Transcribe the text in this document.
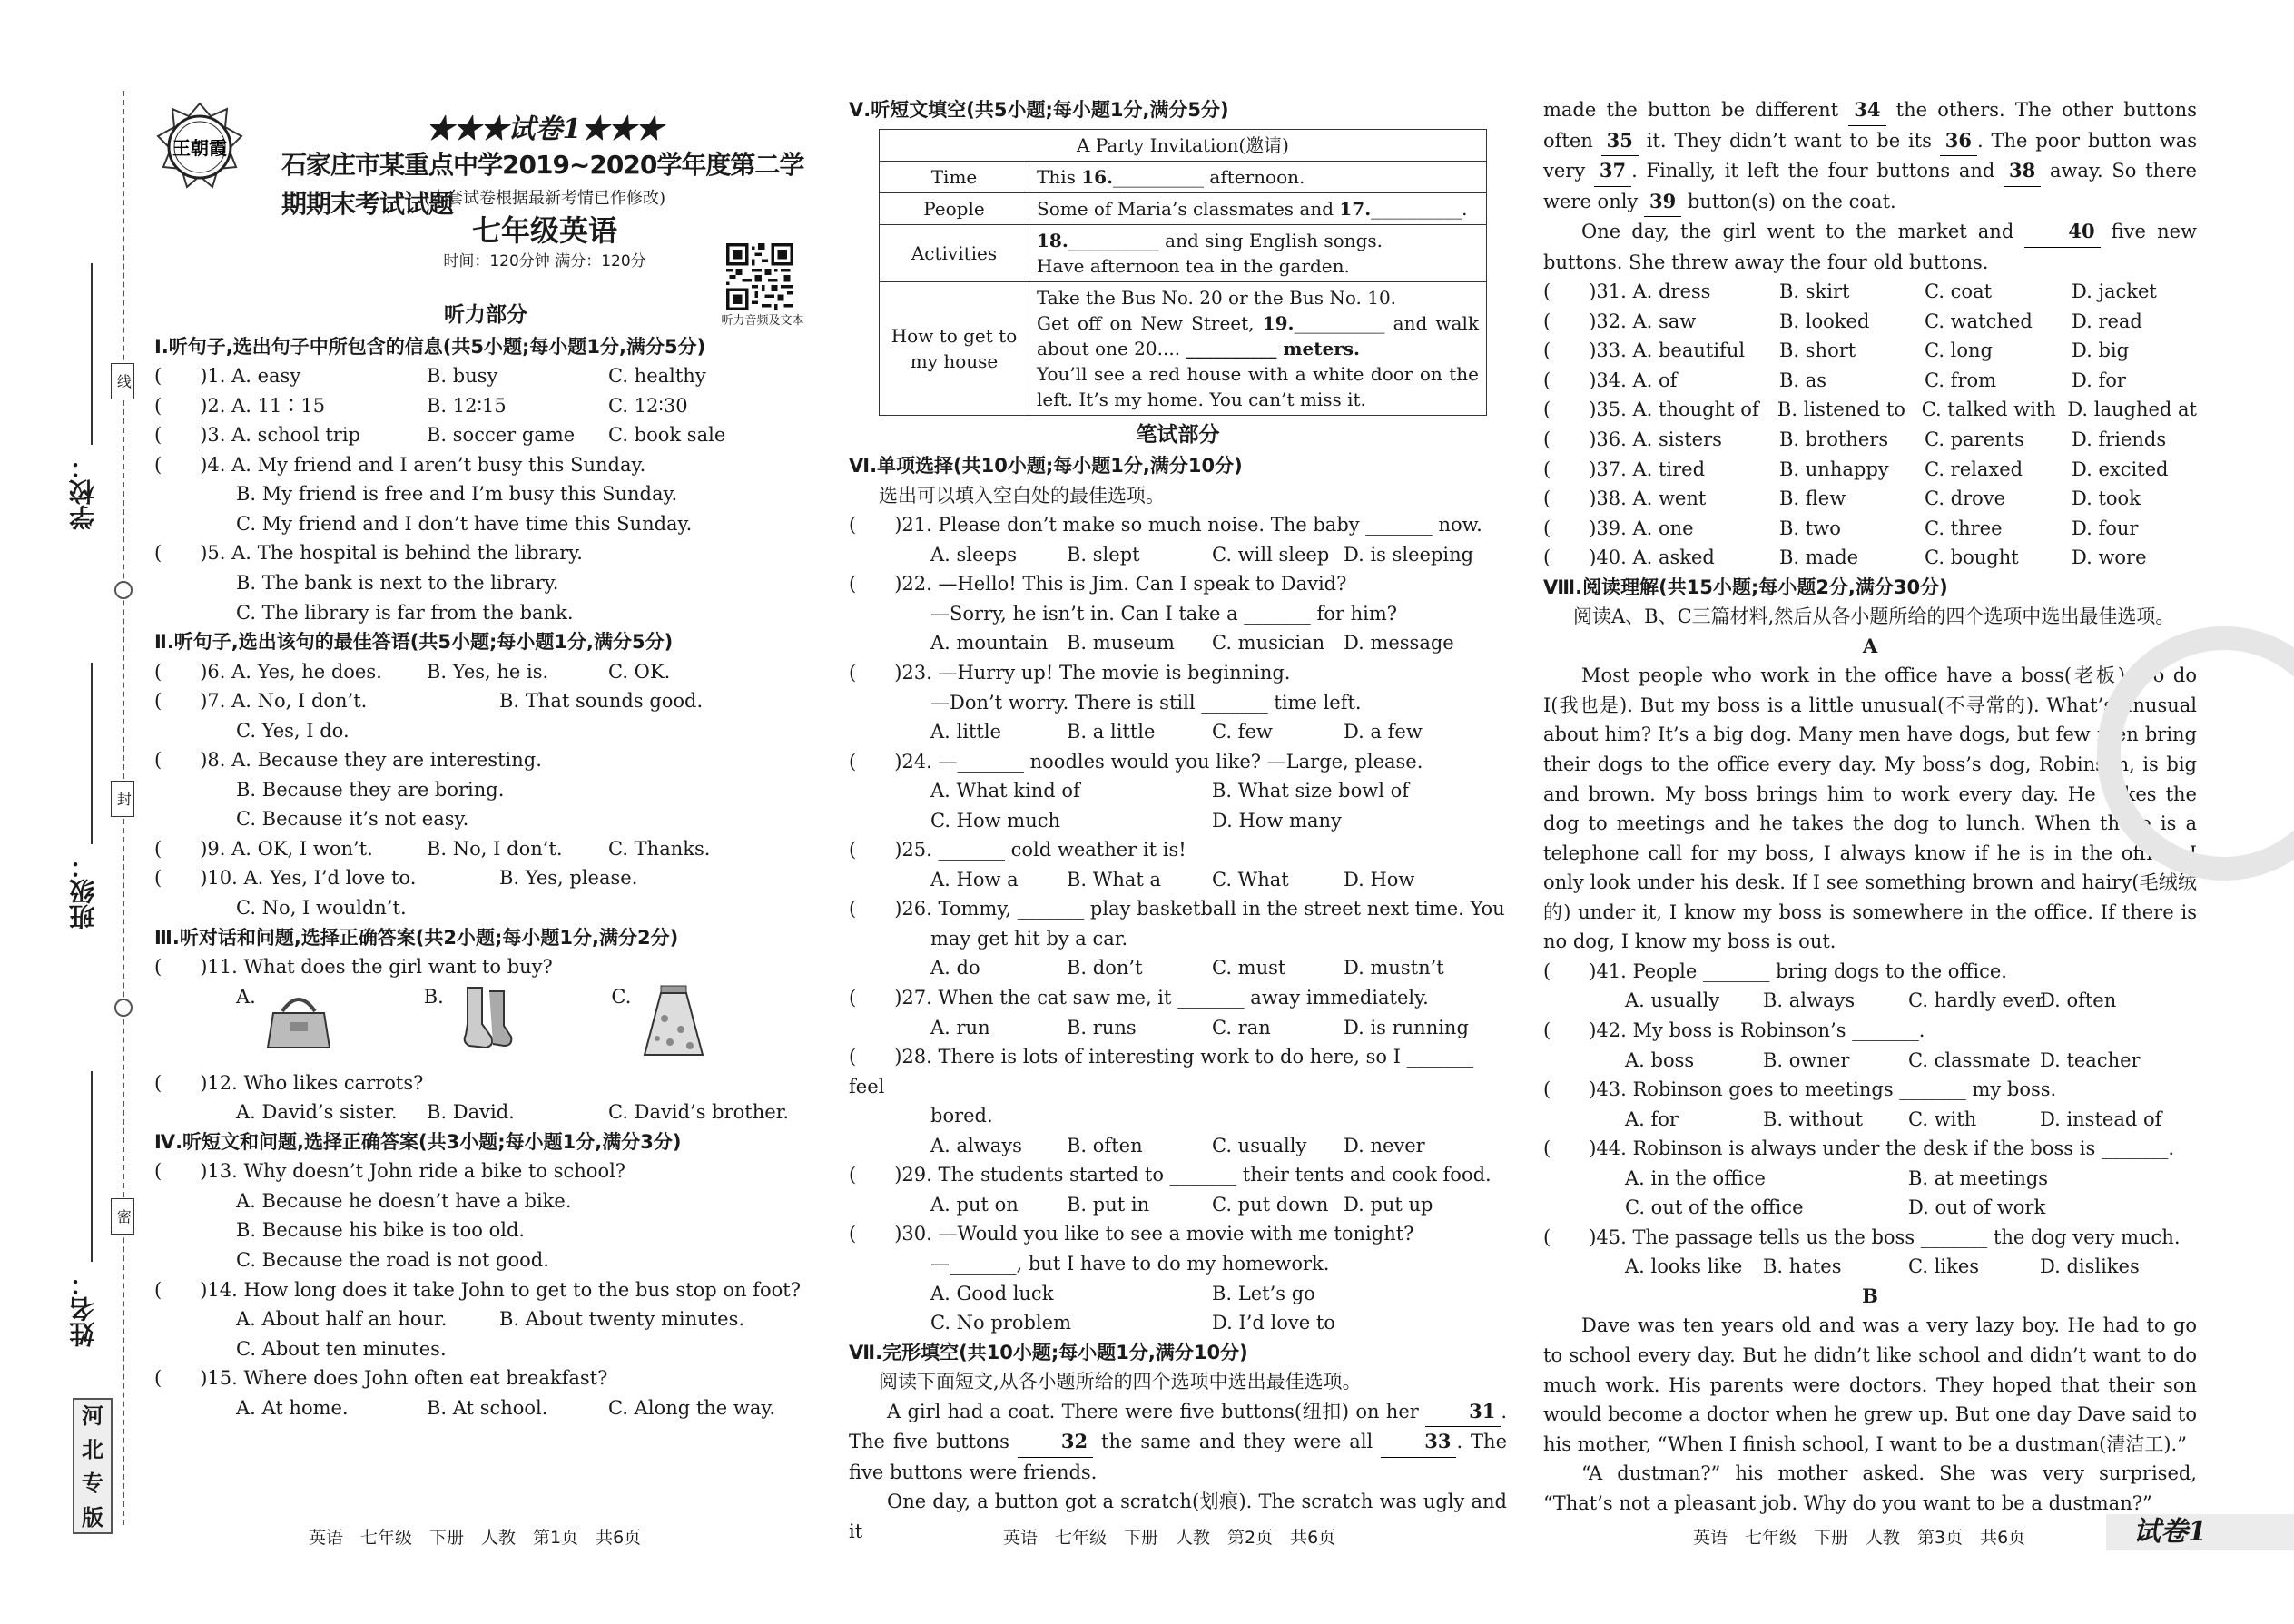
学校：
班级：
姓名：
线
封
密
河
北
专
版
王朝霞
★★★试卷1★★★
石家庄市某重点中学2019~2020学年度第二学期期末考试试题
(本套试卷根据最新考情已作修改)
七年级英语
时间：120分钟 满分：120分
听力音频及文本
听力部分
Ⅰ.听句子,选出句子中所包含的信息(共5小题;每小题1分,满分5分)
(　　)1. A. easy	B. busy	C. healthy
(　　)2. A. 11∶15	B. 12∶15	C. 12∶30
(　　)3. A. school trip	B. soccer game	C. book sale
(　　)4. A. My friend and I aren’t busy this Sunday.
B. My friend is free and I’m busy this Sunday.
C. My friend and I don’t have time this Sunday.
(　　)5. A. The hospital is behind the library.
B. The bank is next to the library.
C. The library is far from the bank.
Ⅱ.听句子,选出该句的最佳答语(共5小题;每小题1分,满分5分)
(　　)6. A. Yes, he does.	B. Yes, he is.	C. OK.
(　　)7. A. No, I don’t.	B. That sounds good.
C. Yes, I do.
(　　)8. A. Because they are interesting.
B. Because they are boring.
C. Because it’s not easy.
(　　)9. A. OK, I won’t.	B. No, I don’t.	C. Thanks.
(　　)10. A. Yes, I’d love to.	B. Yes, please.
C. No, I wouldn’t.
Ⅲ.听对话和问题,选择正确答案(共2小题;每小题1分,满分2分)
(　　)11. What does the girl want to buy?
A.	B.	C.
(　　)12. Who likes carrots?
A. David’s sister.	B. David.	C. David’s brother.
Ⅳ.听短文和问题,选择正确答案(共3小题;每小题1分,满分3分)
(　　)13. Why doesn’t John ride a bike to school?
A. Because he doesn’t have a bike.
B. Because his bike is too old.
C. Because the road is not good.
(　　)14. How long does it take John to get to the bus stop on foot?
A. About half an hour.	B. About twenty minutes.
C. About ten minutes.
(　　)15. Where does John often eat breakfast?
A. At home.	B. At school.	C. Along the way.
Ⅴ.听短文填空(共5小题;每小题1分,满分5分)
A Party Invitation(邀请)	
Time	This 16.__________ afternoon.
People	Some of Maria’s classmates and 17.__________.
Activities	18.__________ and sing English songs.
Have afternoon tea in the garden.
How to get to my house	Take the Bus No. 20 or the Bus No. 10.
Get off on New Street, 19.__________ and walk about one 20.... __________ meters.
You’ll see a red house with a white door on the left. It’s my home. You can’t miss it.
笔试部分
Ⅵ.单项选择(共10小题;每小题1分,满分10分)
选出可以填入空白处的最佳选项。
(　　)21. Please don’t make so much noise. The baby _______ now.
A. sleeps	B. slept	C. will sleep D. is sleeping
(　　)22. —Hello! This is Jim. Can I speak to David?
—Sorry, he isn’t in. Can I take a _______ for him?
A. mountain B. museum	C. musician D. message
(　　)23. —Hurry up! The movie is beginning.
—Don’t worry. There is still _______ time left.
A. little	B. a little	C. few	D. a few
(　　)24. —_______ noodles would you like? —Large, please.
A. What kind of	B. What size bowl of
C. How much	D. How many
(　　)25. _______ cold weather it is!
A. How a	B. What a	C. What	D. How
(　　)26. Tommy, _______ play basketball in the street next time. You
may get hit by a car.
A. do	B. don’t	C. must	D. mustn’t
(　　)27. When the cat saw me, it _______ away immediately.
A. run	B. runs	C. ran	D. is running
(　　)28. There is lots of interesting work to do here, so I _______ feel
bored.
A. always	B. often	C. usually	D. never
(　　)29. The students started to _______ their tents and cook food.
A. put on	B. put in	C. put down D. put up
(　　)30. —Would you like to see a movie with me tonight?
—_______, but I have to do my homework.
A. Good luck	B. Let’s go
C. No problem	D. I’d love to
Ⅶ.完形填空(共10小题;每小题1分,满分10分)
阅读下面短文,从各小题所给的四个选项中选出最佳选项。

A girl had a coat. There were five buttons(纽扣) on her 31 . The five buttons 32 the same and they were all 33 . The five buttons were friends.

One day, a button got a scratch(划痕). The scratch was ugly and it

made the button be different 34 the others. The other buttons often 35 it. They didn’t want to be its 36 . The poor button was very 37 . Finally, it left the four buttons and 38 away. So there were only 39 button(s) on the coat.

One day, the girl went to the market and 40 five new buttons. She threw away the four old buttons.

(　　)31. A. dress	B. skirt	C. coat	D. jacket
(　　)32. A. saw	B. looked	C. watched	D. read
(　　)33. A. beautiful	B. short	C. long	D. big
(　　)34. A. of	B. as	C. from	D. for
(　　)35. A. thought of B. listened to C. talked with D. laughed at
(　　)36. A. sisters	B. brothers	C. parents	D. friends
(　　)37. A. tired	B. unhappy	C. relaxed	D. excited
(　　)38. A. went	B. flew	C. drove	D. took
(　　)39. A. one	B. two	C. three	D. four
(　　)40. A. asked	B. made	C. bought	D. wore
Ⅷ.阅读理解(共15小题;每小题2分,满分30分)
阅读A、B、C三篇材料,然后从各小题所给的四个选项中选出最佳选项。
A

Most people who work in the office have a boss(老板). So do I(我也是). But my boss is a little unusual(不寻常的). What’s unusual about him? It’s a big dog. Many men have dogs, but few men bring their dogs to the office every day. My boss’s dog, Robinson, is big and brown. My boss brings him to work every day. He takes the dog to meetings and he takes the dog to lunch. When there is a telephone call for my boss, I always know if he is in the office. I only look under his desk. If I see something brown and hairy(毛绒绒的) under it, I know my boss is somewhere in the office. If there is no dog, I know my boss is out.

(　　)41. People _______ bring dogs to the office.
A. usually	B. always	C. hardly ever
D. often
(　　)42. My boss is Robinson’s _______.
A. boss	B. owner	C. classmate D. teacher
(　　)43. Robinson goes to meetings _______ my boss.
A. for	B. without	C. with	D. instead of
(　　)44. Robinson is always under the desk if the boss is _______.
A. in the office	B. at meetings
C. out of the office	D. out of work
(　　)45. The passage tells us the boss _______ the dog very much.
A. looks like	B. hates	C. likes	D. dislikes
B

Dave was ten years old and was a very lazy boy. He had to go to school every day. But he didn’t like school and didn’t want to do much work. His parents were doctors. They hoped that their son would become a doctor when he grew up. But one day Dave said to his mother, “When I finish school, I want to be a dustman(清洁工).”

“A dustman?” his mother asked. She was very surprised, “That’s not a pleasant job. Why do you want to be a dustman?”

英语　七年级　下册　人教　第1页　共6页	英语　七年级　下册　人教　第2页　共6页	英语　七年级　下册　人教　第3页　共6页	试卷1
